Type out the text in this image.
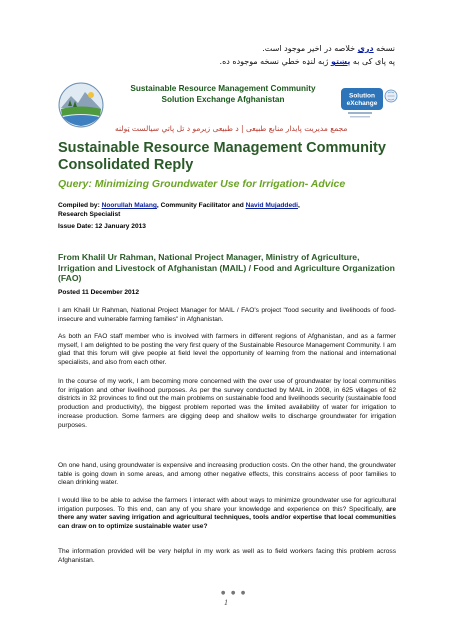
نسخه دری خلاصه در اخیر موجود است.
په پای کی به پښتو ژبه لنډه خطي نسخه موجوده ده.
Sustainable Resource Management Community
Solution Exchange Afghanistan	Solution
eXchange
مجمع مديريت پايدار منابع طبيعى | د طبيعى زيرمو د تل پاتي سيالست ټولنه
Sustainable Resource Management Community Consolidated Reply
Query: Minimizing Groundwater Use for Irrigation- Advice
Compiled by: Noorullah Malang, Community Facilitator and Navid Mujaddedi,
Research Specialist
Issue Date: 12 January 2013
From Khalil Ur Rahman, National Project Manager, Ministry of Agriculture, Irrigation and Livestock of Afghanistan (MAIL) / Food and Agriculture Organization (FAO)
Posted 11 December 2012
I am Khalil Ur Rahman, National Project Manager for MAIL / FAO's project "food security and livelihoods of food-insecure and vulnerable farming families" in Afghanistan.
As both an FAO staff member who is involved with farmers in different regions of Afghanistan, and as a farmer myself, I am delighted to be posting the very first query of the Sustainable Resource Management Community. I am glad that this forum will give people at field level the opportunity of learning from the national and international specialists, and also from each other.
In the course of my work, I am becoming more concerned with the over use of groundwater by local communities for irrigation and other livelihood purposes. As per the survey conducted by MAIL in 2008, in 625 villages of 62 districts in 32 provinces to find out the main problems on sustainable food and livelihoods security (sustainable food production and productivity), the biggest problem reported was the limited availability of water for irrigation to increase production. Some farmers are digging deep and shallow wells to discharge groundwater for irrigation purposes.
On one hand, using groundwater is expensive and increasing production costs. On the other hand, the groundwater table is going down in some areas, and among other negative effects, this constrains access of poor families to clean drinking water.
I would like to be able to advise the farmers I interact with about ways to minimize groundwater use for agricultural irrigation purposes. To this end, can any of you share your knowledge and experience on this? Specifically, are there any water saving irrigation and agricultural techniques, tools and/or expertise that local communities can draw on to optimize sustainable water use?
The information provided will be very helpful in my work as well as to field workers facing this problem across Afghanistan.
● ● ●
1
